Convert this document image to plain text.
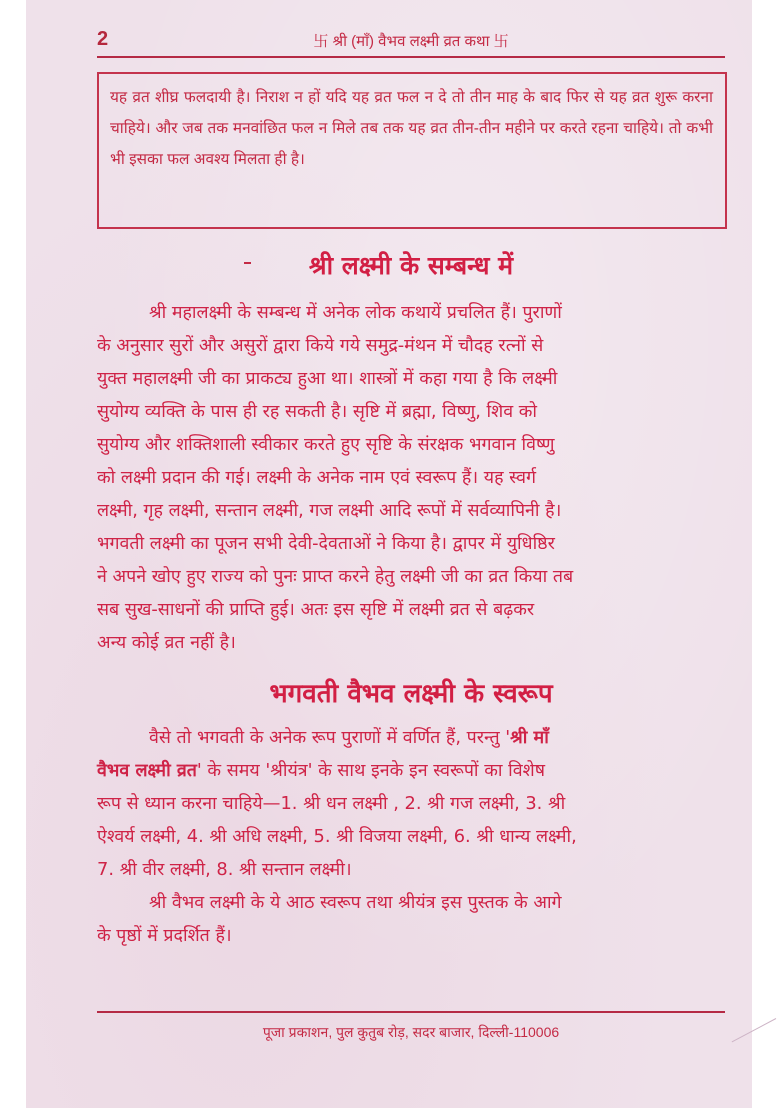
2	卐 श्री (माँ) वैभव लक्ष्मी व्रत कथा 卐

यह व्रत शीघ्र फलदायी है। निराश न हों यदि यह व्रत फल न दे तो तीन माह के बाद फिर से यह व्रत शुरू करना चाहिये। और जब तक मनवांछित फल न मिले तब तक यह व्रत तीन-तीन महीने पर करते रहना चाहिये। तो कभी भी इसका फल अवश्य मिलता ही है।

श्री लक्ष्मी के सम्बन्ध में
श्री महालक्ष्मी के सम्बन्ध में अनेक लोक कथायें प्रचलित हैं। पुराणों
के अनुसार सुरों और असुरों द्वारा किये गये समुद्र-मंथन में चौदह रत्नों से
युक्त महालक्ष्मी जी का प्राकट्य हुआ था। शास्त्रों में कहा गया है कि लक्ष्मी
सुयोग्य व्यक्ति के पास ही रह सकती है। सृष्टि में ब्रह्मा, विष्णु, शिव को
सुयोग्य और शक्तिशाली स्वीकार करते हुए सृष्टि के संरक्षक भगवान विष्णु
को लक्ष्मी प्रदान की गई। लक्ष्मी के अनेक नाम एवं स्वरूप हैं। यह स्वर्ग
लक्ष्मी, गृह लक्ष्मी, सन्तान लक्ष्मी, गज लक्ष्मी आदि रूपों में सर्वव्यापिनी है।
भगवती लक्ष्मी का पूजन सभी देवी-देवताओं ने किया है। द्वापर में युधिष्ठिर
ने अपने खोए हुए राज्य को पुनः प्राप्त करने हेतु लक्ष्मी जी का व्रत किया तब
सब सुख-साधनों की प्राप्ति हुई। अतः इस सृष्टि में लक्ष्मी व्रत से बढ़कर
अन्य कोई व्रत नहीं है।
भगवती वैभव लक्ष्मी के स्वरूप
वैसे तो भगवती के अनेक रूप पुराणों में वर्णित हैं, परन्तु 'श्री माँ
वैभव लक्ष्मी व्रत' के समय 'श्रीयंत्र' के साथ इनके इन स्वरूपों का विशेष
रूप से ध्यान करना चाहिये—1. श्री धन लक्ष्मी , 2. श्री गज लक्ष्मी, 3. श्री
ऐश्वर्य लक्ष्मी, 4. श्री अधि लक्ष्मी, 5. श्री विजया लक्ष्मी, 6. श्री धान्य लक्ष्मी,
7. श्री वीर लक्ष्मी, 8. श्री सन्तान लक्ष्मी।
श्री वैभव लक्ष्मी के ये आठ स्वरूप तथा श्रीयंत्र इस पुस्तक के आगे
के पृष्ठों में प्रदर्शित हैं।
पूजा प्रकाशन, पुल कुतुब रोड़, सदर बाजार, दिल्ली-110006
